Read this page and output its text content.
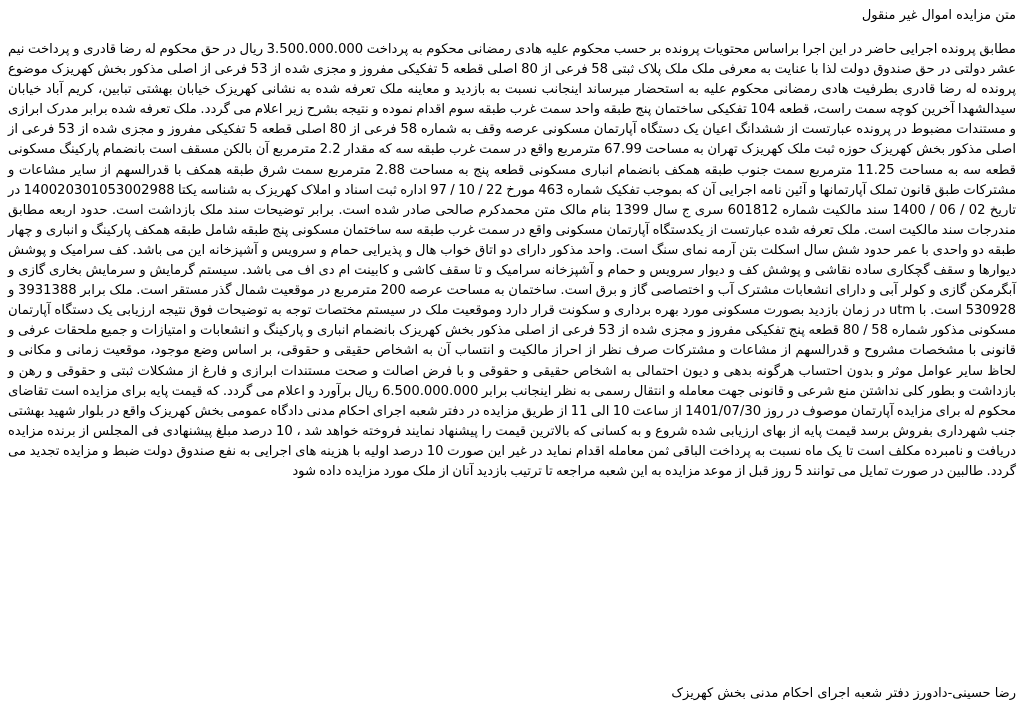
متن مزایده اموال غیر منقول

مطابق پرونده اجرایی حاضر در این اجرا براساس محتویات پرونده بر حسب محکوم علیه هادی رمضانی محکوم به پرداخت 3.500.000.000 ریال در حق محکوم له رضا قادری و پرداخت نیم عشر دولتی در حق صندوق دولت لذا با عنایت به معرفی ملک ملک پلاک ثبتی 58 فرعی از 80 اصلی قطعه 5 تفکیکی مفروز و مجزی شده از 53 فرعی از اصلی مذکور بخش کهریزک موضوع پرونده له رضا قادری بطرفیت هادی رمضانی محکوم علیه به استحضار میرساند اینجانب نسبت به بازدید و معاینه ملک تعرفه شده به نشانی کهریزک خیابان بهشتی تبابین، کریم آباد خیابان سیدالشهدا آخرین کوچه سمت راست، قطعه 104 تفکیکی ساختمان پنج طبقه واحد سمت غرب طبقه سوم اقدام نموده و نتیجه بشرح زیر اعلام می گردد. ملک تعرفه شده برابر مدرک ابرازی و مستندات مضبوط در پرونده عبارتست از ششدانگ اعیان یک دستگاه آپارتمان مسکونی عرصه وقف به شماره 58 فرعی از 80 اصلی قطعه 5 تفکیکی مفروز و مجزی شده از 53 فرعی از اصلی مذکور بخش کهریزک حوزه ثبت ملک کهریزک تهران به مساحت 67.99 مترمربع واقع در سمت غرب طبقه سه که مقدار 2.2 مترمربع آن بالکن مسقف است بانضمام پارکینگ مسکونی قطعه سه به مساحت 11.25 مترمربع سمت جنوب طبقه همکف بانضمام انباری مسکونی قطعه پنج به مساحت 2.88 مترمربع سمت شرق طبقه همکف با قدرالسهم از سایر مشاعات و مشترکات طبق قانون تملک آپارتمانها و آئین نامه اجرایی آن که بموجب تفکیک شماره 463 مورخ 22 / 10 / 97 اداره ثبت اسناد و املاک کهریزک به شناسه یکتا 140020301053002988 در تاریخ 02 / 06 / 1400 سند مالکیت شماره 601812 سری ج سال 1399 بنام مالک متن محمدکرم صالحی صادر شده است. برابر توضیحات سند ملک بازداشت است. حدود اربعه مطابق مندرجات سند مالکیت است. ملک تعرفه شده عبارتست از یکدستگاه آپارتمان مسکونی واقع در سمت غرب طبقه سه ساختمان مسکونی پنج طبقه شامل طبقه همکف پارکینگ و انباری و چهار طبقه دو واحدی با عمر حدود شش سال اسکلت بتن آرمه نمای سنگ است. واحد مذکور دارای دو اتاق خواب هال و پذیرایی حمام و سرویس و آشپزخانه این می باشد. کف سرامیک و پوشش دیوارها و سقف گچکاری ساده نقاشی و پوشش کف و دیوار سرویس و حمام و آشپزخانه سرامیک و تا سقف کاشی و کابینت ام دی اف می باشد. سیستم گرمایش و سرمایش بخاری گازی و آبگرمکن گازی و کولر آبی و دارای انشعابات مشترک آب و اختصاصی گاز و برق است. ساختمان به مساحت عرصه 200 مترمربع در موقعیت شمال گذر مستقر است. ملک برابر 3931388 و 530928 است. با utm در زمان بازدید بصورت مسکونی مورد بهره برداری و سکونت قرار دارد وموقعیت ملک در سیستم مختصات توجه به توضیحات فوق نتیجه ارزیابی یک دستگاه آپارتمان مسکونی مذکور شماره 58 / 80 قطعه پنج تفکیکی مفروز و مجزی شده از 53 فرعی از اصلی مذکور بخش کهریزک بانضمام انباری و پارکینگ و انشعابات و امتیازات و جمیع ملحقات عرفی و قانونی با مشخصات مشروح و قدرالسهم از مشاعات و مشترکات صرف نظر از احراز مالکیت و انتساب آن به اشخاص حقیقی و حقوقی، بر اساس وضع موجود، موقعیت زمانی و مکانی و لحاظ سایر عوامل موثر و بدون احتساب هرگونه بدهی و دیون احتمالی به اشخاص حقیقی و حقوقی و با فرض اصالت و صحت مستندات ابرازی و فارغ از مشکلات ثبتی و حقوقی و رهن و بازداشت و بطور کلی نداشتن منع شرعی و قانونی جهت معامله و انتقال رسمی به نظر اینجانب برابر 6.500.000.000 ریال برآورد و اعلام می گردد. که قیمت پایه برای مزایده است تقاضای محکوم له برای مزایده آپارتمان موصوف در روز 1401/07/30 از ساعت 10 الی 11 از طریق مزایده در دفتر شعبه اجرای احکام مدنی دادگاه عمومی بخش کهریزک واقع در بلوار شهید بهشتی جنب شهرداری بفروش برسد قیمت پایه از بهای ارزیابی شده شروع و به کسانی که بالاترین قیمت را پیشنهاد نمایند فروخته خواهد شد ، 10 درصد مبلغ پیشنهادی فی المجلس از برنده مزایده دریافت و نامبرده مکلف است تا یک ماه نسبت به پرداخت الباقی ثمن معامله اقدام نماید در غیر این صورت 10 درصد اولیه با هزینه های اجرایی به نفع صندوق دولت ضبط و مزایده تجدید می گردد. طالبین در صورت تمایل می توانند 5 روز قبل از موعد مزایده به این شعبه مراجعه تا ترتیب بازدید آنان از ملک مورد مزایده داده شود

رضا حسینی-دادورز دفتر شعبه اجرای احکام مدنی بخش کهریزک
